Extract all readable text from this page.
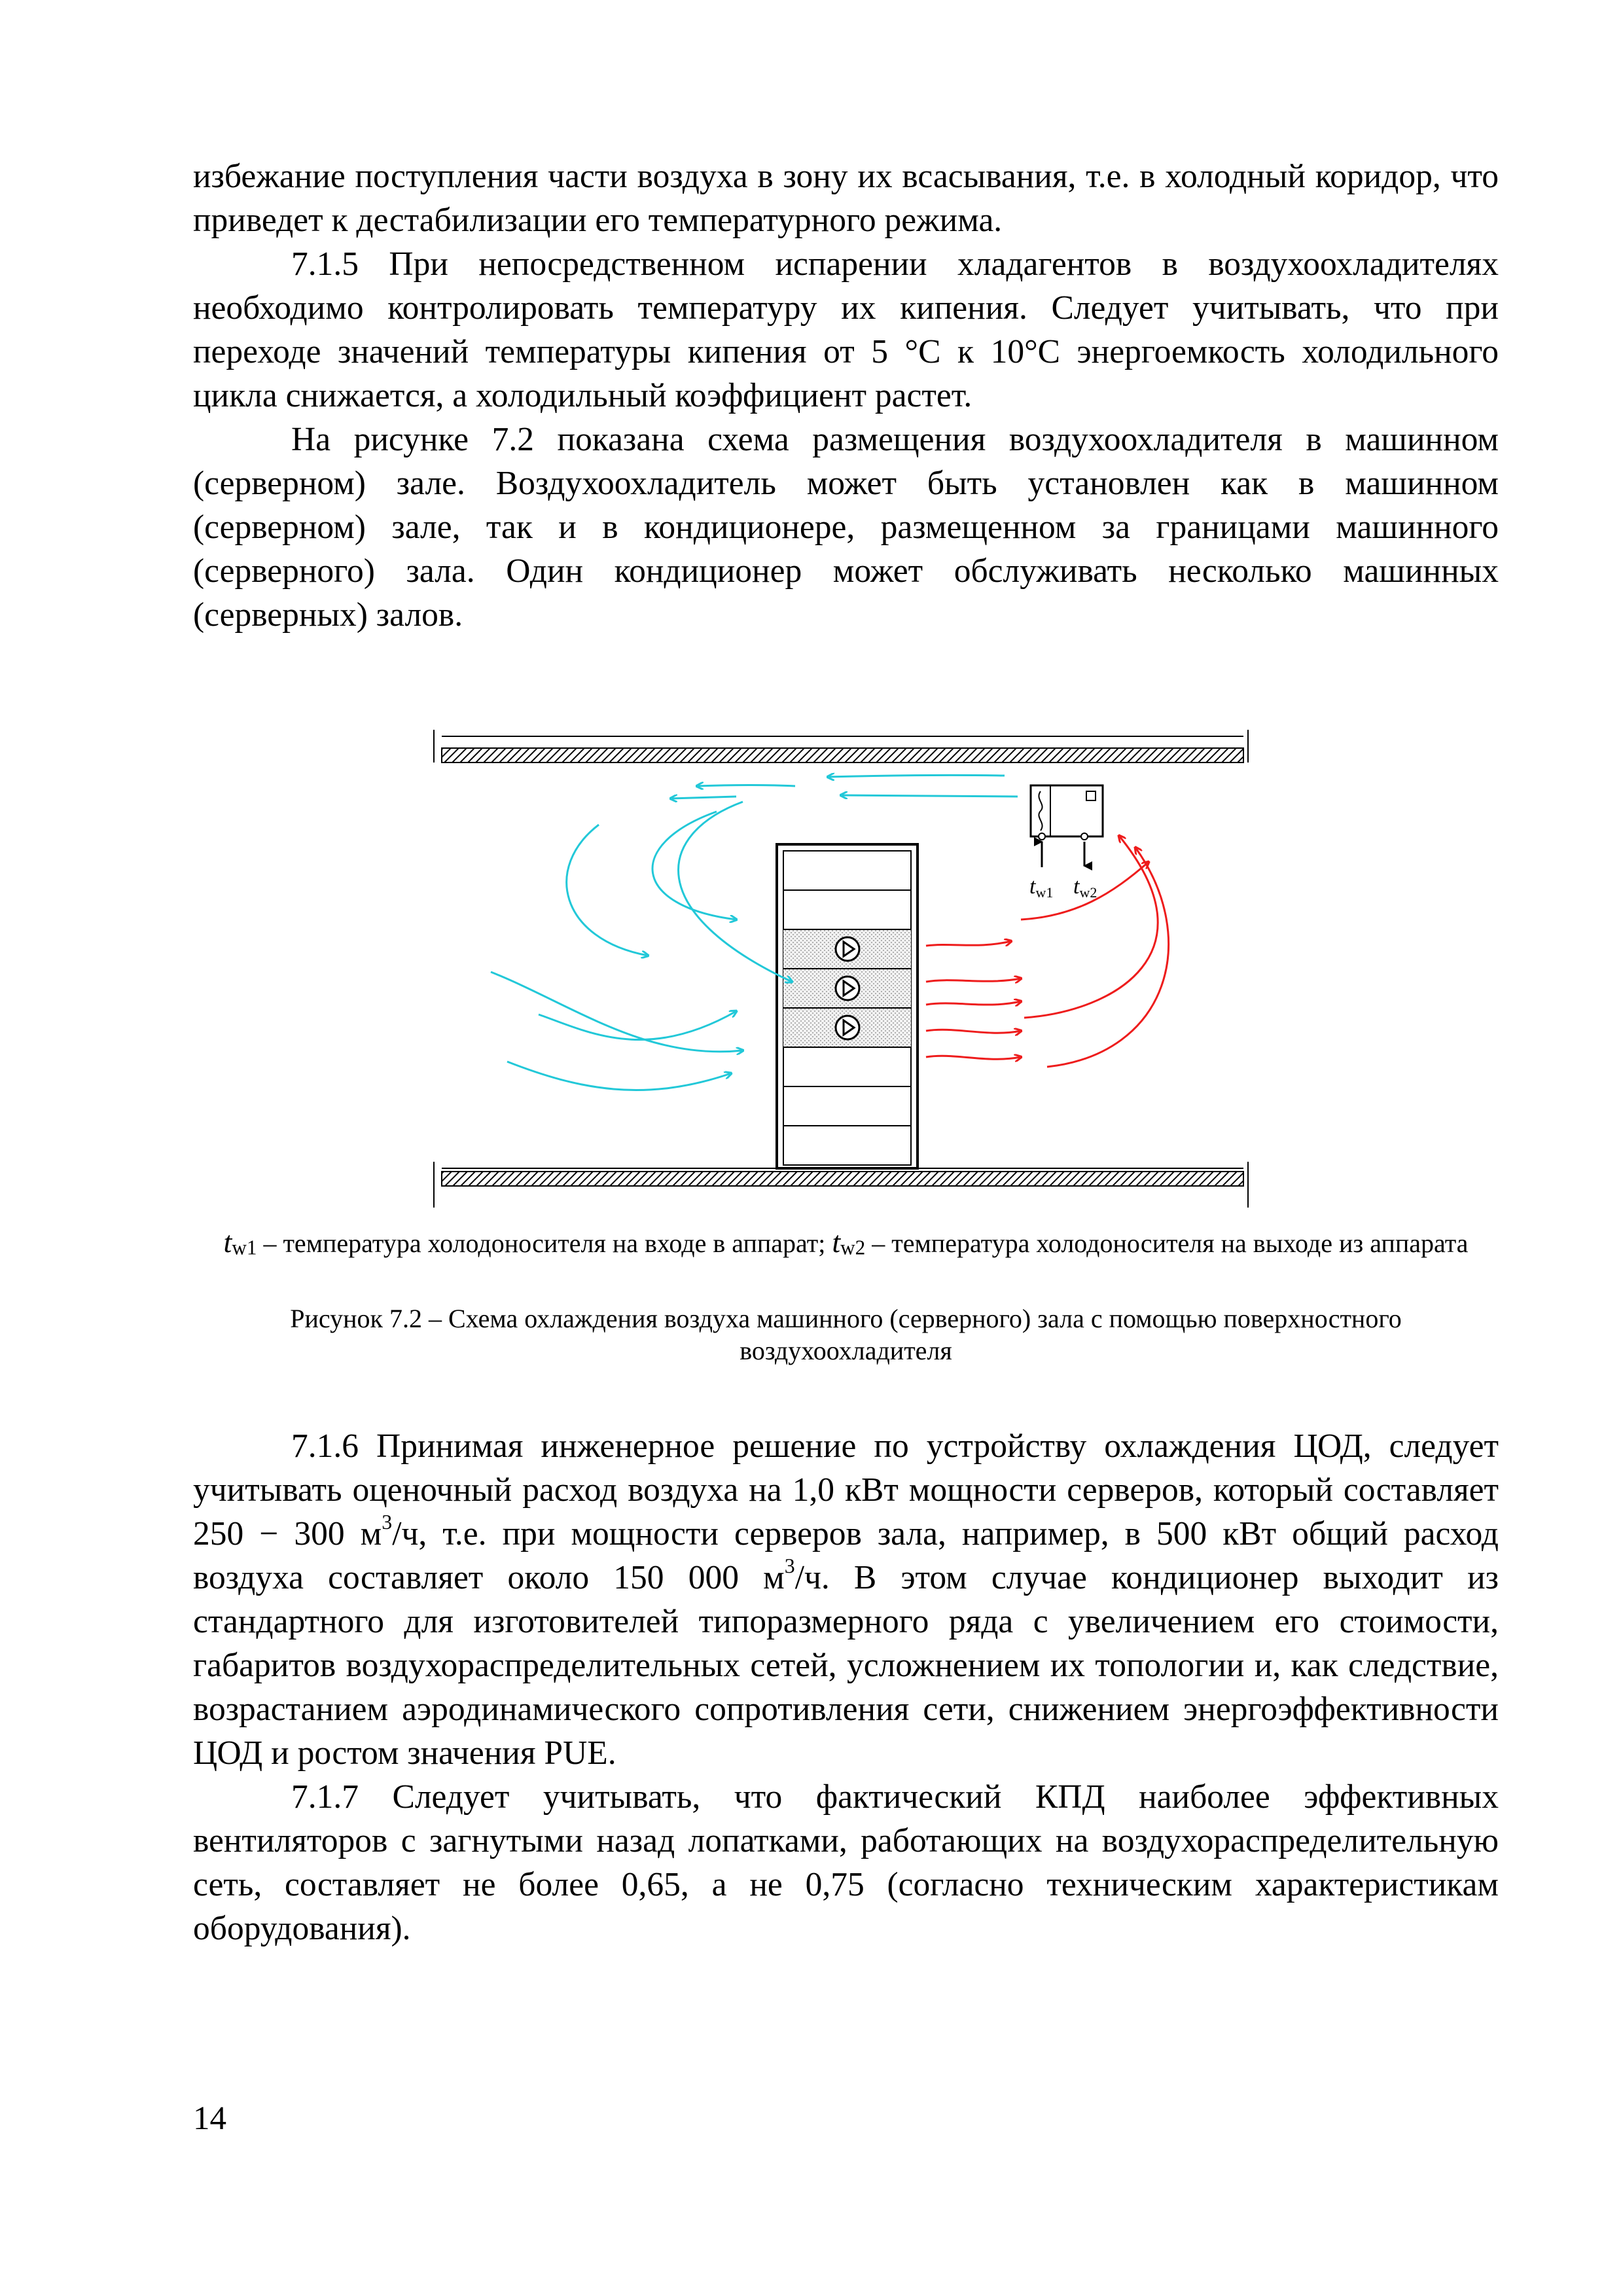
избежание поступления части воздуха в зону их всасывания, т.е. в холодный коридор, что приведет к дестабилизации его температурного режима.

7.1.5 При непосредственном испарении хладагентов в воздухоохладителях необходимо контролировать температуру их кипения. Следует учитывать, что при переходе значений температуры кипения от 5 °С к 10°С энергоемкость холодильного цикла снижается, а холодильный коэффициент растет.

На рисунке 7.2 показана схема размещения воздухоохладителя в машинном (серверном) зале. Воздухоохладитель может быть установлен как в машинном (серверном) зале, так и в кондиционере, размещенном за границами машинного (серверного) зала. Один кондиционер может обслуживать несколько машинных (серверных) залов.

tw1 tw2
tw1 – температура холодоносителя на входе в аппарат; tw2 – температура холодоносителя на выходе из аппарата
Рисунок 7.2 – Схема охлаждения воздуха машинного (серверного) зала с помощью поверхностного воздухоохладителя

7.1.6 Принимая инженерное решение по устройству охлаждения ЦОД, следует учитывать оценочный расход воздуха на 1,0 кВт мощности серверов, который составляет 250 − 300 $м^3/ч$, т.е. при мощности серверов зала, например, в 500 кВт общий расход воздуха составляет около 150 000 $м^3/ч$. В этом случае кондиционер выходит из стандартного для изготовителей типоразмерного ряда с увеличением его стоимости, габаритов воздухораспределительных сетей, усложнением их топологии и, как следствие, возрастанием аэродинамического сопротивления сети, снижением энергоэффективности ЦОД и ростом значения PUE.

7.1.7 Следует учитывать, что фактический КПД наиболее эффективных вентиляторов с загнутыми назад лопатками, работающих на воздухораспределительную сеть, составляет не более 0,65, а не 0,75 (согласно техническим характеристикам оборудования).

14
